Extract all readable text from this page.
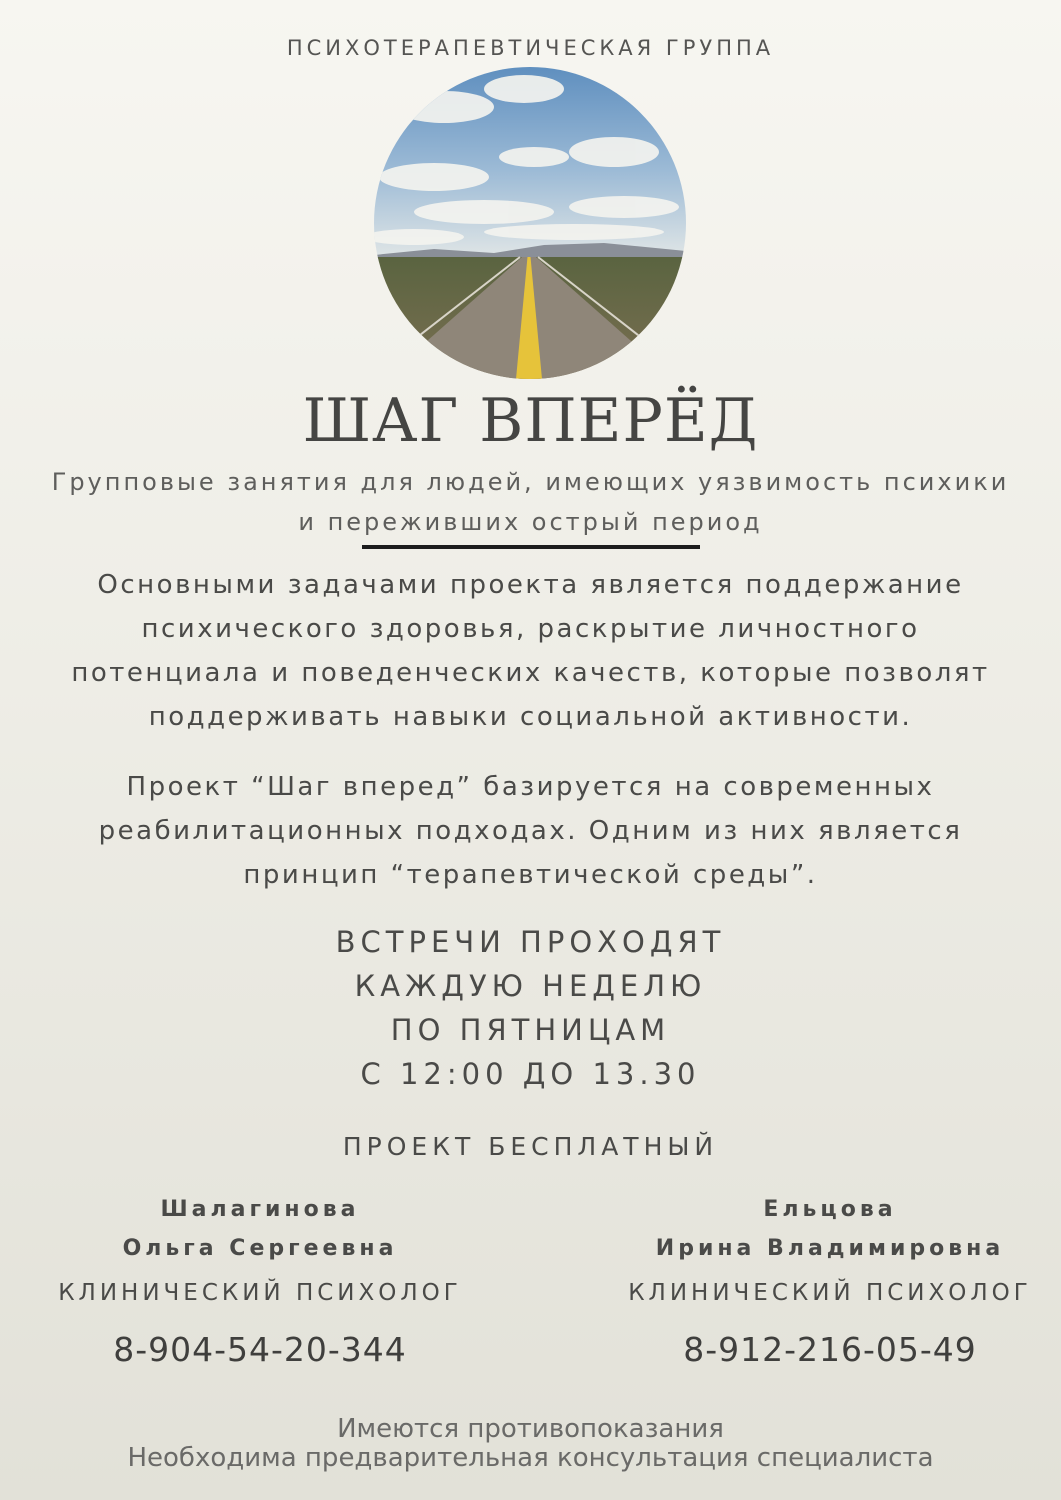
ПСИХОТЕРАПЕВТИЧЕСКАЯ ГРУППА
ШАГ ВПЕРЁД
Групповые занятия для людей, имеющих уязвимость психики
и переживших острый период
Основными задачами проекта является поддержание
психического здоровья, раскрытие личностного
потенциала и поведенческих качеств, которые позволят
поддерживать навыки социальной активности.
Проект “Шаг вперед” базируется на современных
реабилитационных подходах. Одним из них является
принцип “терапевтической среды”.
ВСТРЕЧИ ПРОХОДЯТ
КАЖДУЮ НЕДЕЛЮ
ПО ПЯТНИЦАМ
С 12:00 ДО 13.30
ПРОЕКТ БЕСПЛАТНЫЙ
Шалагинова
Ольга Сергеевна
КЛИНИЧЕСКИЙ ПСИХОЛОГ
8-904-54-20-344
Ельцова
Ирина Владимировна
КЛИНИЧЕСКИЙ ПСИХОЛОГ
8-912-216-05-49
Имеются противопоказания
Необходима предварительная консультация специалиста
